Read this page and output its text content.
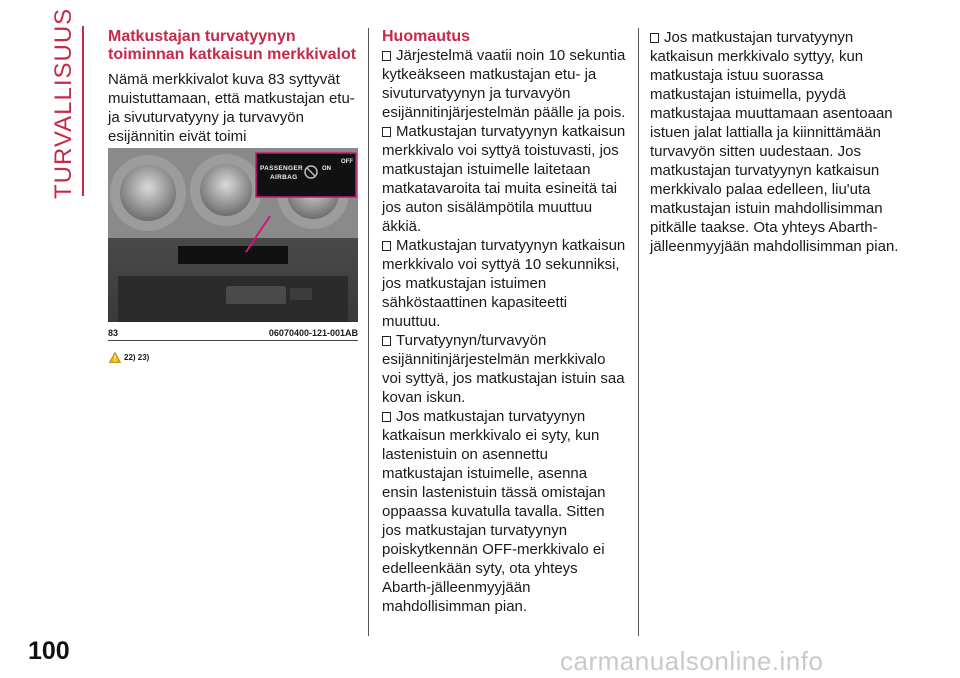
TURVALLISUUS Matkustajan turvatyynyn toiminnan katkaisun merkkivalot

Nämä merkkivalot kuva 83 syttyvät muistuttamaan, että matkustajan etu- ja sivuturvatyyny ja turvavyön esijännitin eivät toimi

PASSENGER
AIRBAG
ON
OFF
83	06070400-121-001AB
22) 23)
Huomautus

Järjestelmä vaatii noin 10 sekuntia kytkeäkseen matkustajan etu- ja sivuturvatyynyn ja turvavyön esijännitinjärjestelmän päälle ja pois.

Matkustajan turvatyynyn katkaisun merkkivalo voi syttyä toistuvasti, jos matkustajan istuimelle laitetaan matkatavaroita tai muita esineitä tai jos auton sisälämpötila muuttuu äkkiä.

Matkustajan turvatyynyn katkaisun merkkivalo voi syttyä 10 sekunniksi, jos matkustajan istuimen sähköstaattinen kapasiteetti muuttuu.

Turvatyynyn/turvavyön esijännitinjärjestelmän merkkivalo voi syttyä, jos matkustajan istuin saa kovan iskun.

Jos matkustajan turvatyynyn katkaisun merkkivalo ei syty, kun lastenistuin on asennettu matkustajan istuimelle, asenna ensin lastenistuin tässä omistajan oppaassa kuvatulla tavalla. Sitten jos matkustajan turvatyynyn poiskytkennän OFF-merkkivalo ei edelleenkään syty, ota yhteys Abarth-jälleenmyyjään mahdollisimman pian.

Jos matkustajan turvatyynyn katkaisun merkkivalo syttyy, kun matkustaja istuu suorassa matkustajan istuimella, pyydä matkustajaa muuttamaan asentoaan istuen jalat lattialla ja kiinnittämään turvavyön sitten uudestaan. Jos matkustajan turvatyynyn katkaisun merkkivalo palaa edelleen, liu'uta matkustajan istuin mahdollisimman pitkälle taakse. Ota yhteys Abarth-jälleenmyyjään mahdollisimman pian.

100	carmanualsonline.info
